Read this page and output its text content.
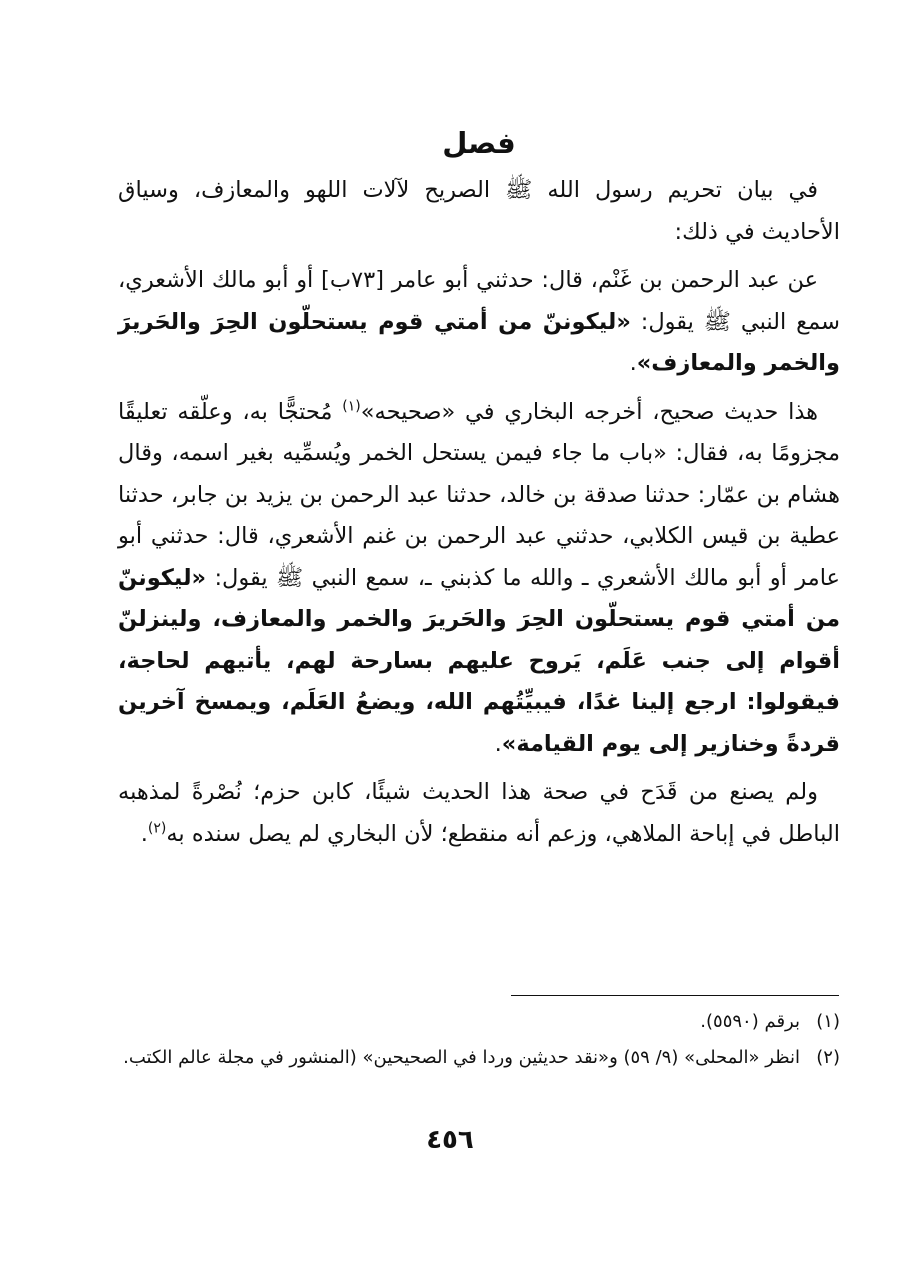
فصل

في بيان تحريم رسول الله ﷺ الصريح لآلات اللهو والمعازف، وسياق الأحاديث في ذلك:

عن عبد الرحمن بن غَنْم، قال: حدثني أبو عامر [٧٣ب] أو أبو مالك الأشعري، سمع النبي ﷺ يقول: «ليكوننّ من أمتي قوم يستحلّون الحِرَ والحَريرَ والخمر والمعازف».

هذا حديث صحيح، أخرجه البخاري في «صحيحه»$^{(١)}$ مُحتجًّا به، وعلّقه تعليقًا مجزومًا به، فقال: «باب ما جاء فيمن يستحل الخمر ويُسمِّيه بغير اسمه، وقال هشام بن عمّار: حدثنا صدقة بن خالد، حدثنا عبد الرحمن بن يزيد بن جابر، حدثنا عطية بن قيس الكلابي، حدثني عبد الرحمن بن غنم الأشعري، قال: حدثني أبو عامر أو أبو مالك الأشعري ـ والله ما كذبني ـ، سمع النبي ﷺ يقول: «ليكوننّ من أمتي قوم يستحلّون الحِرَ والحَريرَ والخمر والمعازف، ولينزلنّ أقوام إلى جنب عَلَم، يَروح عليهم بسارحة لهم، يأتيهم لحاجة، فيقولوا: ارجع إلينا غدًا، فيبيِّتُهم الله، ويضعُ العَلَم، ويمسخ آخرين قردةً وخنازير إلى يوم القيامة».

ولم يصنع من قَدَح في صحة هذا الحديث شيئًا، كابن حزم؛ نُصْرةً لمذهبه الباطل في إباحة الملاهي، وزعم أنه منقطع؛ لأن البخاري لم يصل سنده به$^{(٢)}$.

(١)
برقم (٥٥٩٠).
(٢)
انظر «المحلى» (٩/ ٥٩) و«نقد حديثين وردا في الصحيحين» (المنشور في مجلة عالم الكتب.
٤٥٦
